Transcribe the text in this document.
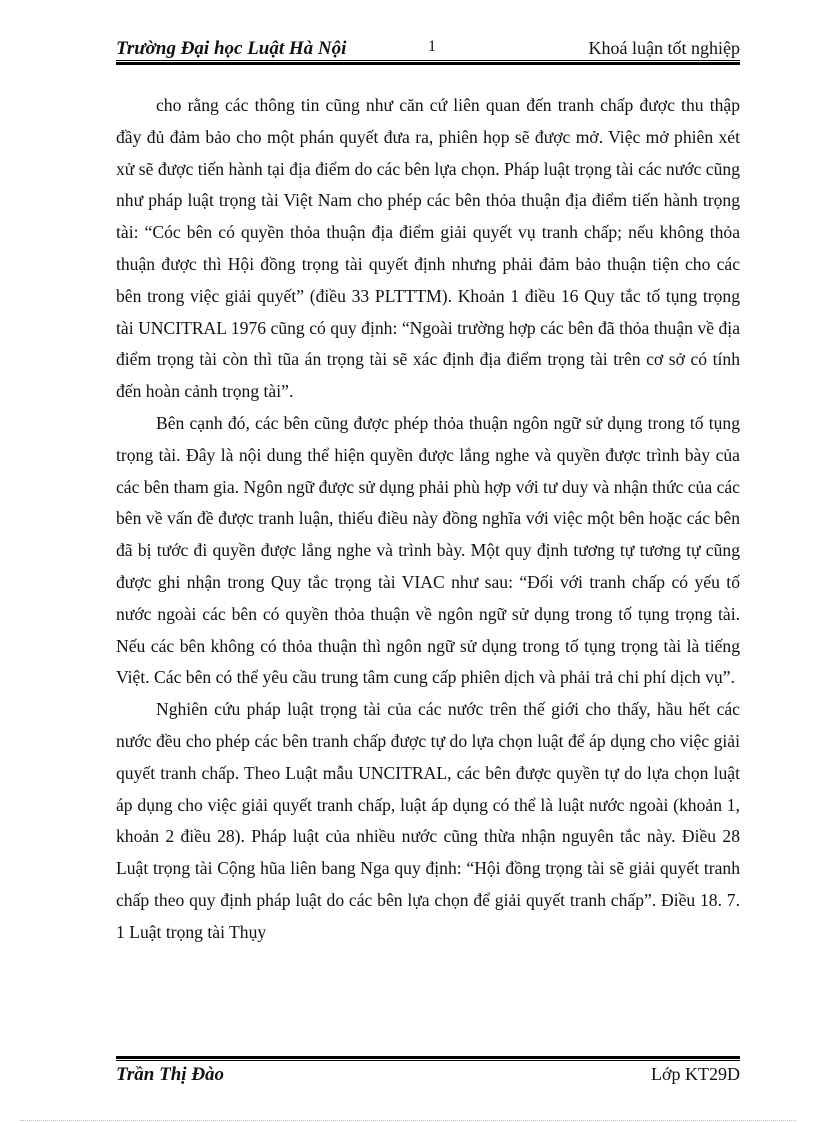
Trường Đại học Luật Hà Nội	1	Khoá luận tốt nghiệp

cho rằng các thông tin cũng như căn cứ liên quan đến tranh chấp được thu thập đầy đủ đảm bảo cho một phán quyết đưa ra, phiên họp sẽ được mở. Việc mở phiên xét xử sẽ được tiến hành tại địa điểm do các bên lựa chọn. Pháp luật trọng tài các nước cũng như pháp luật trọng tài Việt Nam cho phép các bên thỏa thuận địa điểm tiến hành trọng tài: “Cóc bên có quyền thỏa thuận địa điểm giải quyết vụ tranh chấp; nếu không thỏa thuận được thì Hội đồng trọng tài quyết định nhưng phải đảm bảo thuận tiện cho các bên trong việc giải quyết” (điều 33 PLTTTM). Khoản 1 điều 16 Quy tắc tố tụng trọng tài UNCITRAL 1976 cũng có quy định: “Ngoài trường hợp các bên đã thỏa thuận về địa điểm trọng tài còn thì tũa án trọng tài sẽ xác định địa điểm trọng tài trên cơ sở có tính đến hoàn cảnh trọng tài”.

Bên cạnh đó, các bên cũng được phép thỏa thuận ngôn ngữ sử dụng trong tố tụng trọng tài. Đây là nội dung thể hiện quyền được lắng nghe và quyền được trình bày của các bên tham gia. Ngôn ngữ được sử dụng phải phù hợp với tư duy và nhận thức của các bên về vấn đề được tranh luận, thiếu điều này đồng nghĩa với việc một bên hoặc các bên đã bị tước đi quyền được lắng nghe và trình bày. Một quy định tương tự tương tự cũng được ghi nhận trong Quy tắc trọng tài VIAC như sau: “Đối với tranh chấp có yếu tố nước ngoài các bên có quyền thỏa thuận về ngôn ngữ sử dụng trong tố tụng trọng tài. Nếu các bên không có thỏa thuận thì ngôn ngữ sử dụng trong tố tụng trọng tài là tiếng Việt. Các bên có thể yêu cầu trung tâm cung cấp phiên dịch và phải trả chi phí dịch vụ”.

Nghiên cứu pháp luật trọng tài của các nước trên thế giới cho thấy, hầu hết các nước đều cho phép các bên tranh chấp được tự do lựa chọn luật để áp dụng cho việc giải quyết tranh chấp. Theo Luật mẫu UNCITRAL, các bên được quyền tự do lựa chọn luật áp dụng cho việc giải quyết tranh chấp, luật áp dụng có thể là luật nước ngoài (khoản 1, khoản 2 điều 28). Pháp luật của nhiều nước cũng thừa nhận nguyên tắc này. Điều 28 Luật trọng tài Cộng hũa liên bang Nga quy định: “Hội đồng trọng tài sẽ giải quyết tranh chấp theo quy định pháp luật do các bên lựa chọn để giải quyết tranh chấp”. Điều 18. 7. 1 Luật trọng tài Thụy

Trần Thị Đào	Lớp KT29D
